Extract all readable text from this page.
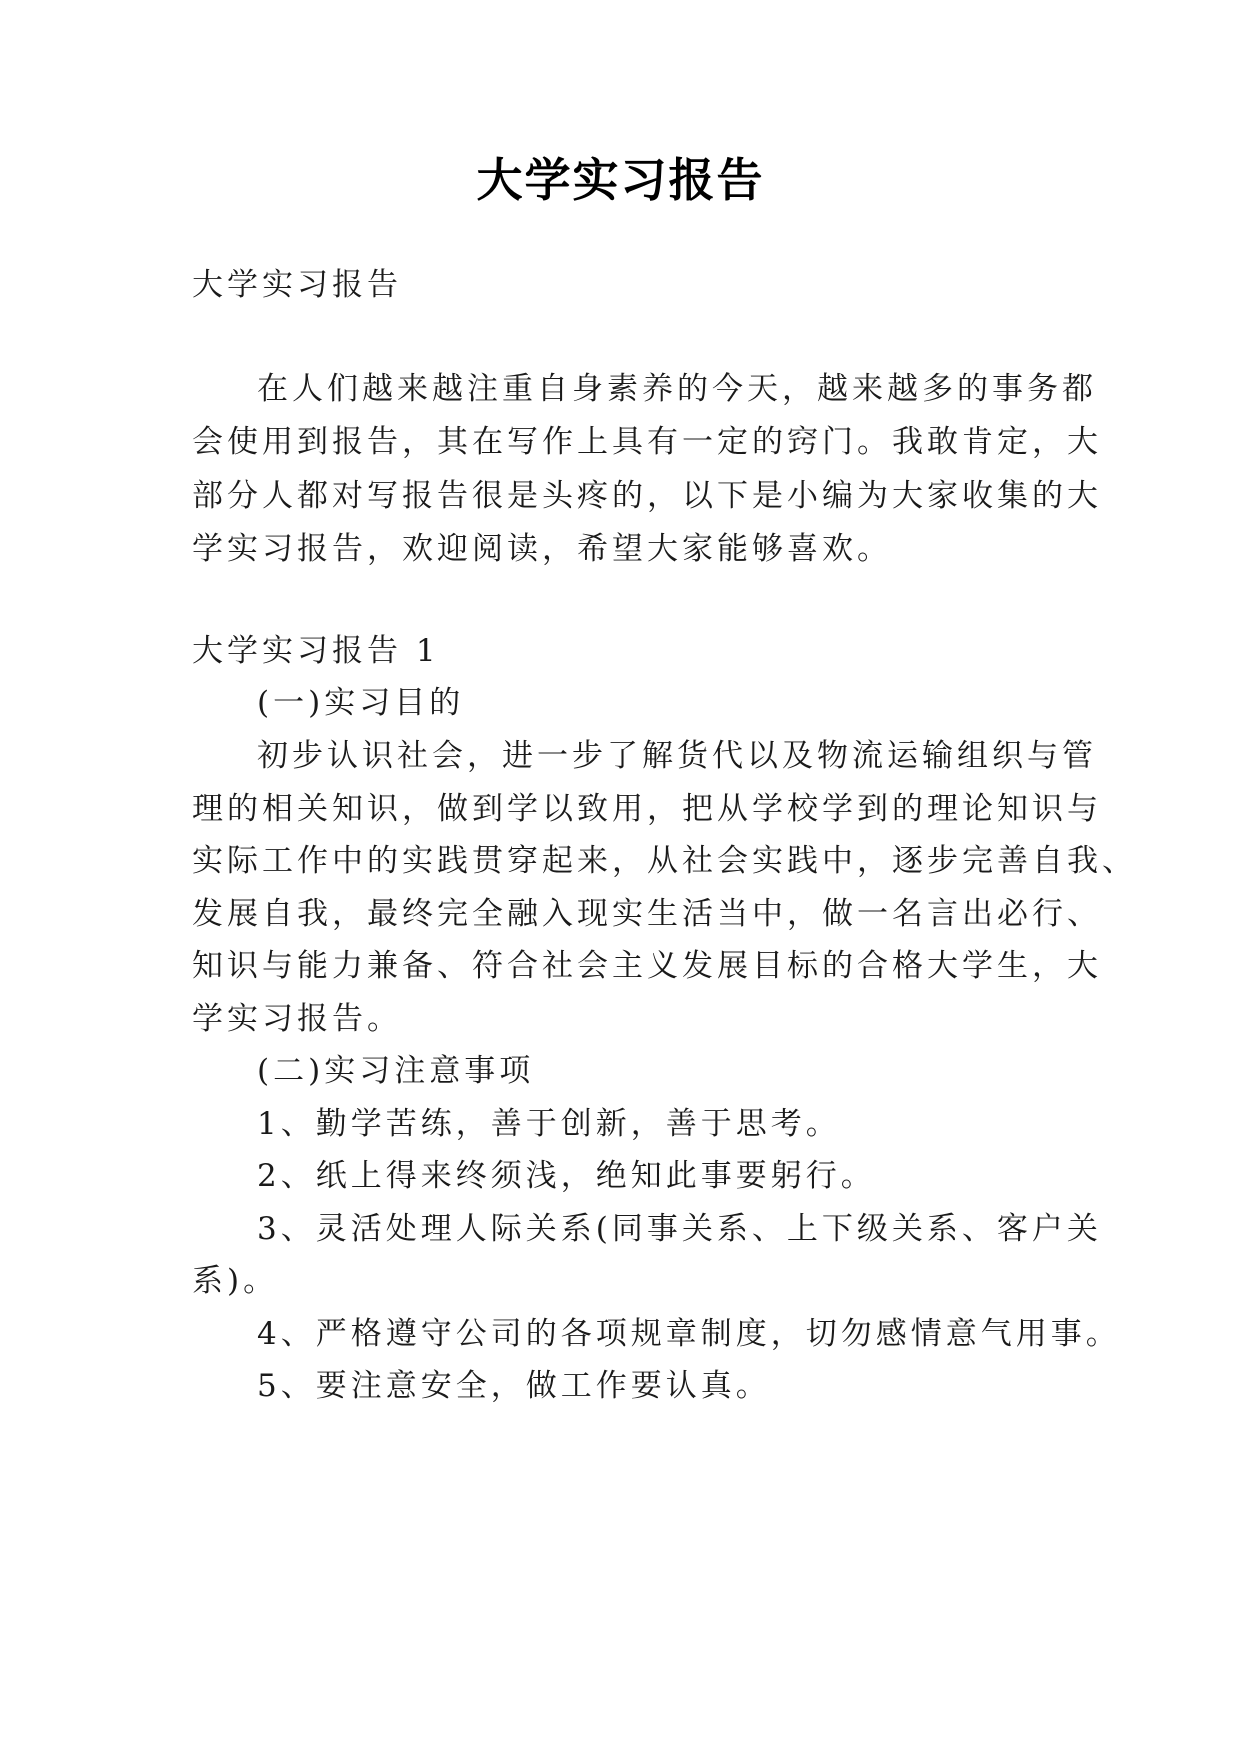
大学实习报告
大学实习报告
在人们越来越注重自身素养的今天，越来越多的事务都
会使用到报告，其在写作上具有一定的窍门。我敢肯定，大
部分人都对写报告很是头疼的，以下是小编为大家收集的大
学实习报告，欢迎阅读，希望大家能够喜欢。
大学实习报告 1
(一)实习目的
初步认识社会，进一步了解货代以及物流运输组织与管
理的相关知识，做到学以致用，把从学校学到的理论知识与
实际工作中的实践贯穿起来，从社会实践中，逐步完善自我、
发展自我，最终完全融入现实生活当中，做一名言出必行、
知识与能力兼备、符合社会主义发展目标的合格大学生，大
学实习报告。
(二)实习注意事项
1、勤学苦练，善于创新，善于思考。
2、纸上得来终须浅，绝知此事要躬行。
3、灵活处理人际关系(同事关系、上下级关系、客户关
系)。
4、严格遵守公司的各项规章制度，切勿感情意气用事。
5、要注意安全，做工作要认真。
